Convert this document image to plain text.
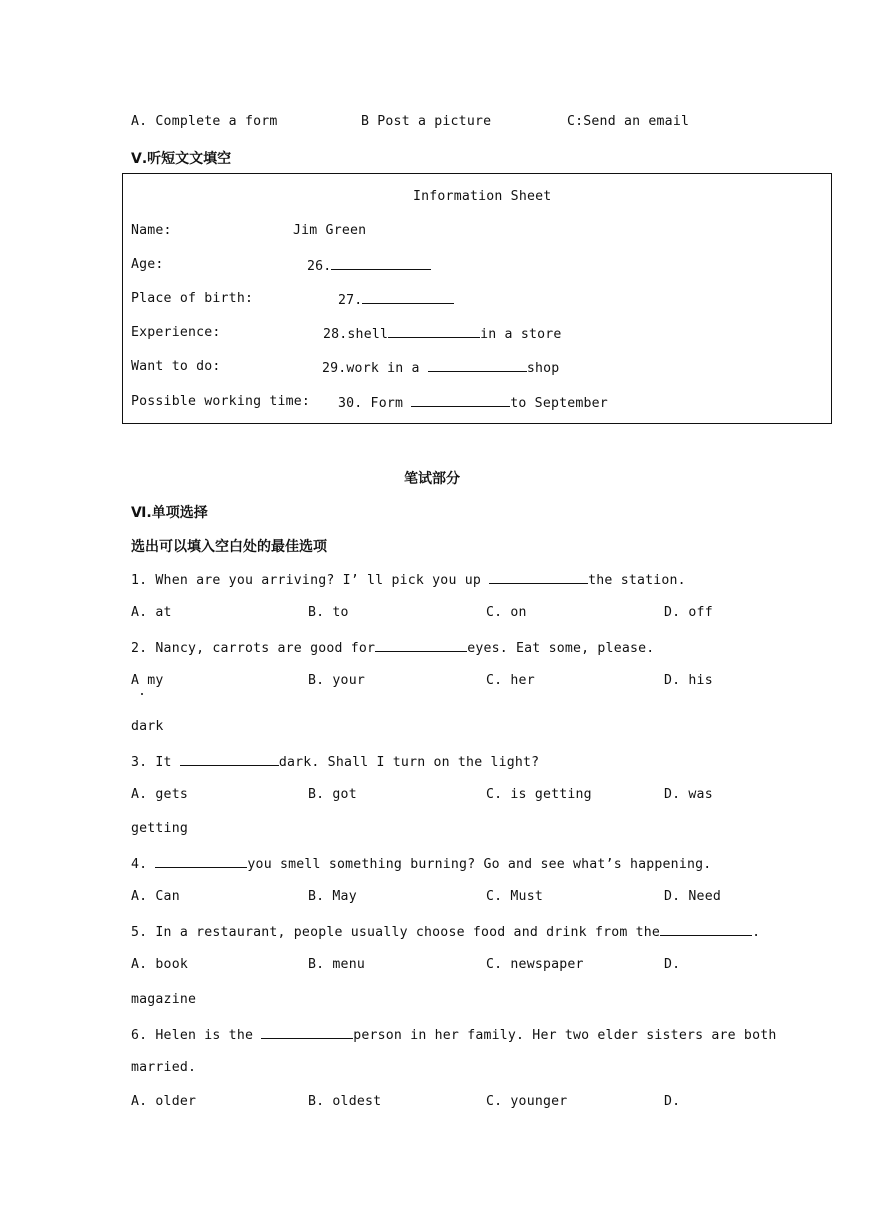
A. Complete a form	B Post a picture	C:Send an email
Ⅴ.听短文文填空
Information Sheet
Name:	Jim Green
Age:	26.
Place of birth:	27.
Experience:	28.shell	in a store
Want to do:	29.work in a	shop
Possible working time: 30. Form	to September
笔试部分
Ⅵ.单项选择
选出可以填入空白处的最佳选项
1. When are you arriving? I’ ll pick you up	the station.
A. at	B. to	C. on	D. off
2. Nancy, carrots are good for	eyes. Eat some, please.
A my	B. your	C. her	D. his
dark
3. It	dark. Shall I turn on the light?
A. gets	B. got	C. is getting	D. was
getting
4.	you smell something burning? Go and see what’s happening.
A. Can	B. May	C. Must	D. Need
5. In a restaurant, people usually choose food and drink from the	.
A. book	B. menu	C. newspaper	D.
magazine
6. Helen is the	person in her family. Her two elder sisters are both
married.
A. older	B. oldest	C. younger	D.
